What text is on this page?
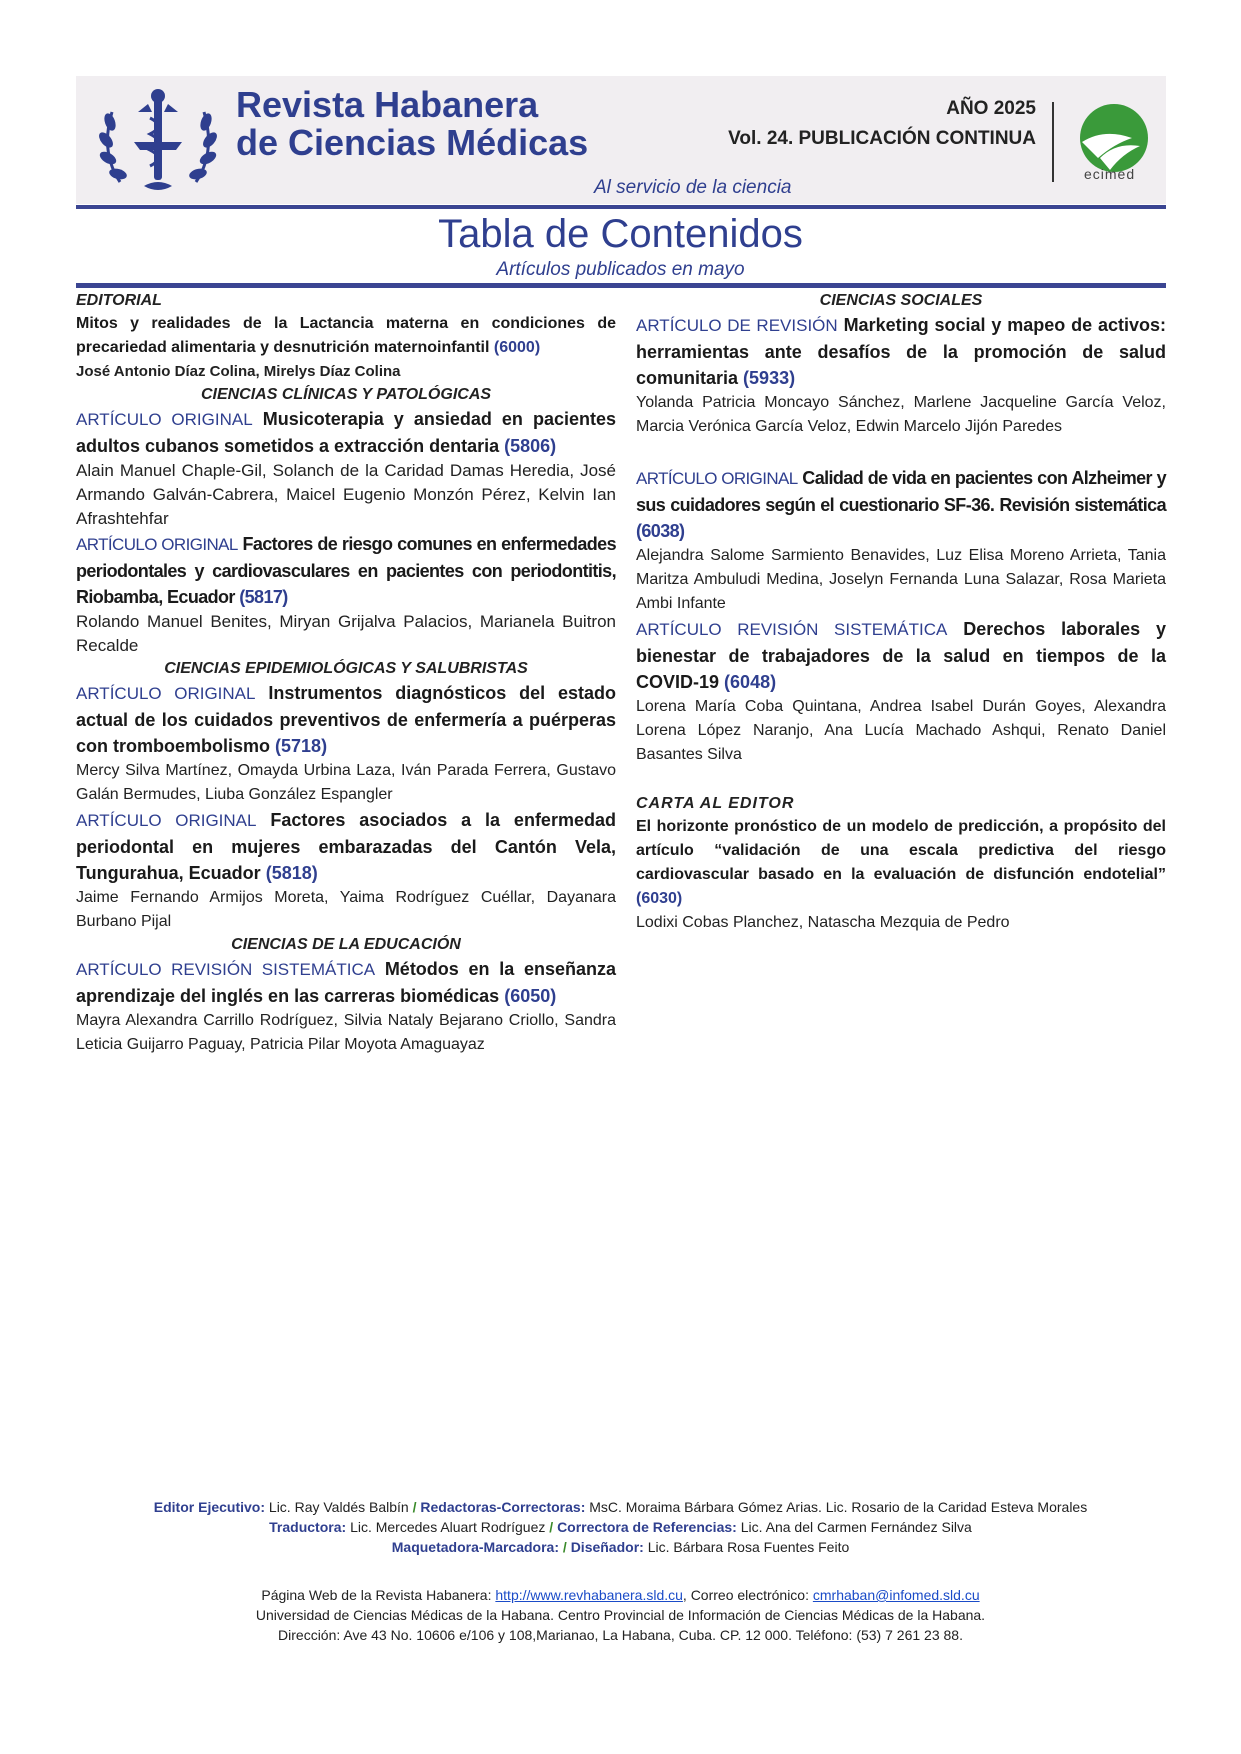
Revista Habanera
de Ciencias Médicas
Al servicio de la ciencia
AÑO 2025
Vol. 24. PUBLICACIÓN CONTINUA
ecimed
Tabla de Contenidos
Artículos publicados en mayo
EDITORIAL
Mitos y realidades de la Lactancia materna en condiciones de precariedad alimentaria y desnutrición maternoinfantil (6000)
José Antonio Díaz Colina, Mirelys Díaz Colina
CIENCIAS CLÍNICAS Y PATOLÓGICAS
ARTÍCULO ORIGINAL Musicoterapia y ansiedad en pacientes adultos cubanos sometidos a extracción dentaria (5806)
Alain Manuel Chaple-Gil, Solanch de la Caridad Damas Heredia, José Armando Galván-Cabrera, Maicel Eugenio Monzón Pérez, Kelvin Ian Afrashtehfar
ARTÍCULO ORIGINAL Factores de riesgo comunes en enfermedades periodontales y cardiovasculares en pacientes con periodontitis, Riobamba, Ecuador (5817)
Rolando Manuel Benites, Miryan Grijalva Palacios, Marianela Buitron Recalde
CIENCIAS EPIDEMIOLÓGICAS Y SALUBRISTAS
ARTÍCULO ORIGINAL Instrumentos diagnósticos del estado actual de los cuidados preventivos de enfermería a puérperas con tromboembolismo (5718)
Mercy Silva Martínez, Omayda Urbina Laza, Iván Parada Ferrera, Gustavo Galán Bermudes, Liuba González Espangler
ARTÍCULO ORIGINAL Factores asociados a la enfermedad periodontal en mujeres embarazadas del Cantón Vela, Tungurahua, Ecuador (5818)
Jaime Fernando Armijos Moreta, Yaima Rodríguez Cuéllar, Dayanara Burbano Pijal
CIENCIAS DE LA EDUCACIÓN
ARTÍCULO REVISIÓN SISTEMÁTICA Métodos en la enseñanza aprendizaje del inglés en las carreras biomédicas (6050)
Mayra Alexandra Carrillo Rodríguez, Silvia Nataly Bejarano Criollo, Sandra Leticia Guijarro Paguay, Patricia Pilar Moyota Amaguayaz
CIENCIAS SOCIALES
ARTÍCULO DE REVISIÓN Marketing social y mapeo de activos: herramientas ante desafíos de la promoción de salud comunitaria (5933)
Yolanda Patricia Moncayo Sánchez, Marlene Jacqueline García Veloz, Marcia Verónica García Veloz, Edwin Marcelo Jijón Paredes
ARTÍCULO ORIGINAL Calidad de vida en pacientes con Alzheimer y sus cuidadores según el cuestionario SF-36. Revisión sistemática (6038)
Alejandra Salome Sarmiento Benavides, Luz Elisa Moreno Arrieta, Tania Maritza Ambuludi Medina, Joselyn Fernanda Luna Salazar, Rosa Marieta Ambi Infante
ARTÍCULO REVISIÓN SISTEMÁTICA Derechos laborales y bienestar de trabajadores de la salud en tiempos de la COVID-19 (6048)
Lorena María Coba Quintana, Andrea Isabel Durán Goyes, Alexandra Lorena López Naranjo, Ana Lucía Machado Ashqui, Renato Daniel Basantes Silva
CARTA AL EDITOR
El horizonte pronóstico de un modelo de predicción, a propósito del artículo “validación de una escala predictiva del riesgo cardiovascular basado en la evaluación de disfunción endotelial” (6030)
Lodixi Cobas Planchez, Natascha Mezquia de Pedro
Editor Ejecutivo: Lic. Ray Valdés Balbín / Redactoras-Correctoras: MsC. Moraima Bárbara Gómez Arias. Lic. Rosario de la Caridad Esteva Morales
Traductora: Lic. Mercedes Aluart Rodríguez / Correctora de Referencias: Lic. Ana del Carmen Fernández Silva
Maquetadora-Marcadora: / Diseñador: Lic. Bárbara Rosa Fuentes Feito
Página Web de la Revista Habanera: http://www.revhabanera.sld.cu, Correo electrónico: cmrhaban@infomed.sld.cu
Universidad de Ciencias Médicas de la Habana. Centro Provincial de Información de Ciencias Médicas de la Habana.
Dirección: Ave 43 No. 10606 e/106 y 108,Marianao, La Habana, Cuba. CP. 12 000. Teléfono: (53) 7 261 23 88.
